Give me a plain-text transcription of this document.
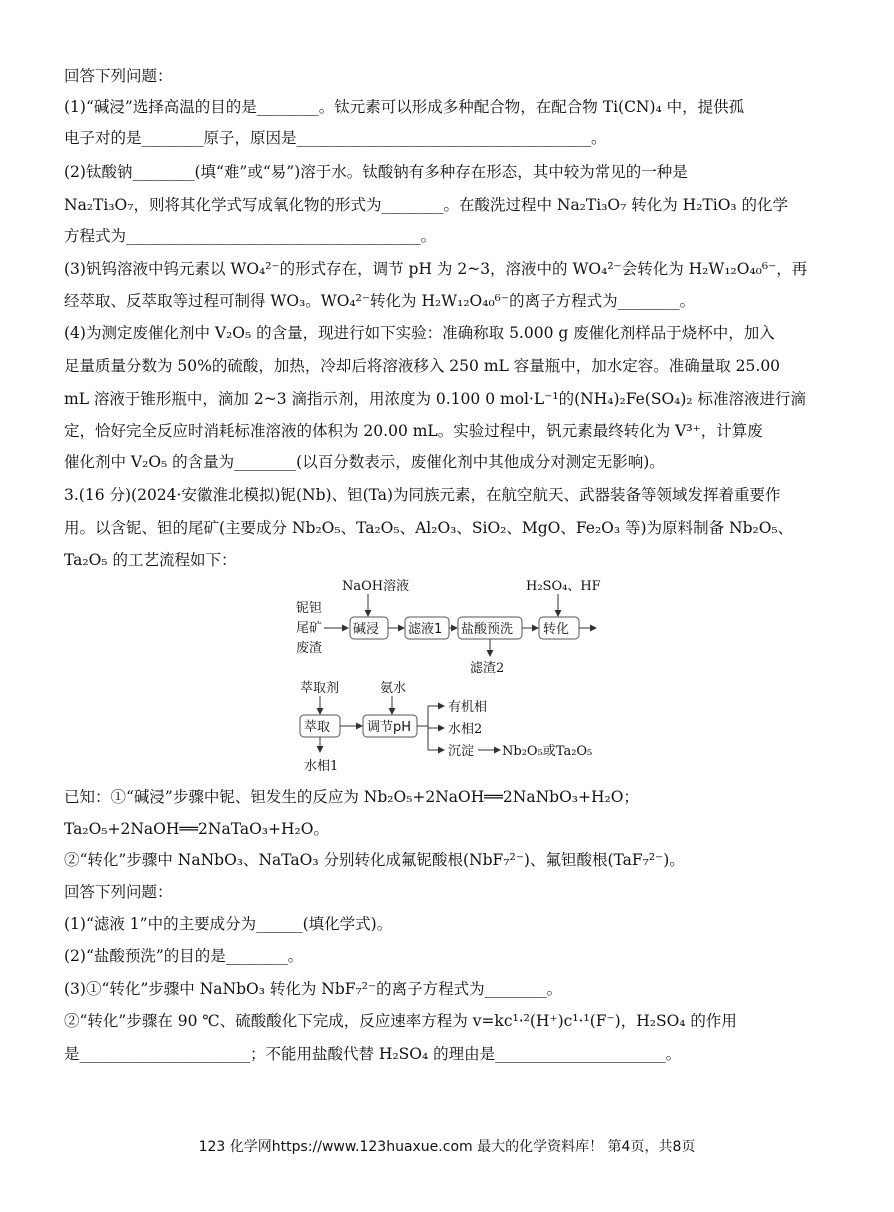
回答下列问题：
(1)“碱浸”选择高温的目的是________。钛元素可以形成多种配合物，在配合物 Ti(CN)₄ 中，提供孤
电子对的是________原子，原因是______________________________________。
(2)钛酸钠________(填“难”或“易”)溶于水。钛酸钠有多种存在形态，其中较为常见的一种是
Na₂Ti₃O₇，则将其化学式写成氧化物的形式为________。在酸洗过程中 Na₂Ti₃O₇ 转化为 H₂TiO₃ 的化学
方程式为______________________________________。
(3)钒钨溶液中钨元素以 WO₄²⁻的形式存在，调节 pH 为 2~3，溶液中的 WO₄²⁻会转化为 H₂W₁₂O₄₀⁶⁻，再
经萃取、反萃取等过程可制得 WO₃。WO₄²⁻转化为 H₂W₁₂O₄₀⁶⁻的离子方程式为________。
(4)为测定废催化剂中 V₂O₅ 的含量，现进行如下实验：准确称取 5.000 g 废催化剂样品于烧杯中，加入
足量质量分数为 50%的硫酸，加热，冷却后将溶液移入 250 mL 容量瓶中，加水定容。准确量取 25.00
mL 溶液于锥形瓶中，滴加 2~3 滴指示剂，用浓度为 0.100 0 mol·L⁻¹的(NH₄)₂Fe(SO₄)₂ 标准溶液进行滴
定，恰好完全反应时消耗标准溶液的体积为 20.00 mL。实验过程中，钒元素最终转化为 V³⁺，计算废
催化剂中 V₂O₅ 的含量为________(以百分数表示，废催化剂中其他成分对测定无影响)。
3.(16 分)(2024·安徽淮北模拟)铌(Nb)、钽(Ta)为同族元素，在航空航天、武器装备等领域发挥着重要作
用。以含铌、钽的尾矿(主要成分 Nb₂O₅、Ta₂O₅、Al₂O₃、SiO₂、MgO、Fe₂O₃ 等)为原料制备 Nb₂O₅、
Ta₂O₅ 的工艺流程如下：
铌钽
尾矿
废渣
NaOH溶液
碱浸 滤液1 盐酸预洗
滤渣2
H₂SO₄、HF
转化
萃取剂	氨水
萃取
水相1
调节pH
有机相
水相2
沉淀 Nb₂O₅或Ta₂O₅
已知：①“碱浸”步骤中铌、钽发生的反应为 Nb₂O₅+2NaOH══2NaNbO₃+H₂O；
Ta₂O₅+2NaOH══2NaTaO₃+H₂O。
②“转化”步骤中 NaNbO₃、NaTaO₃ 分别转化成氟铌酸根(NbF₇²⁻)、氟钽酸根(TaF₇²⁻)。
回答下列问题：
(1)“滤液 1”中的主要成分为______(填化学式)。
(2)“盐酸预洗”的目的是________。
(3)①“转化”步骤中 NaNbO₃ 转化为 NbF₇²⁻的离子方程式为________。
②“转化”步骤在 90 ℃、硫酸酸化下完成，反应速率方程为 v=kc¹·²(H⁺)c¹·¹(F⁻)，H₂SO₄ 的作用
是______________________；不能用盐酸代替 H₂SO₄ 的理由是______________________。
123 化学网https://www.123huaxue.com 最大的化学资料库！ 第4页，共8页
